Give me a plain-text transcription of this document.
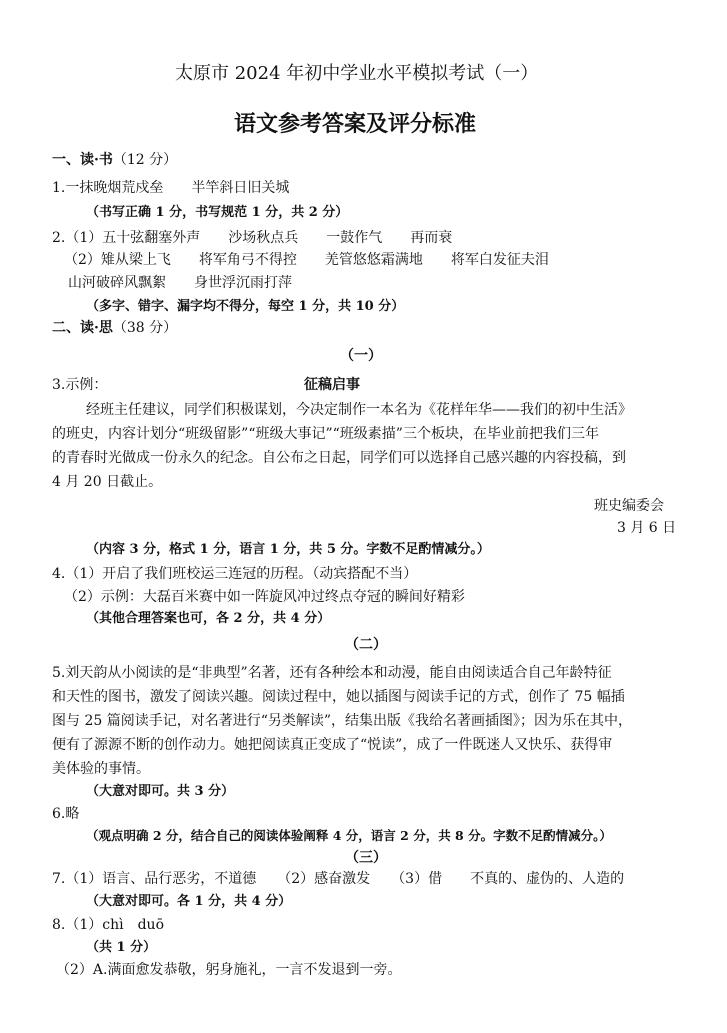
太原市 2024 年初中学业水平模拟考试（一）
语文参考答案及评分标准
一、读·书（12 分）
1.一抹晚烟荒戍垒　　半竿斜日旧关城
（书写正确 1 分，书写规范 1 分，共 2 分）
2.（1）五十弦翻塞外声　　沙场秋点兵　　一鼓作气　　再而衰
（2）雉从梁上飞　　将军角弓不得控　　羌管悠悠霜满地　　将军白发征夫泪
山河破碎风飘絮　　身世浮沉雨打萍
（多字、错字、漏字均不得分，每空 1 分，共 10 分）
二、读·思（38 分）
（一）
3.示例：	征稿启事
经班主任建议，同学们积极谋划，今决定制作一本名为《花样年华——我们的初中生活》
的班史，内容计划分“班级留影”“班级大事记”“班级素描”三个板块，在毕业前把我们三年
的青春时光做成一份永久的纪念。自公布之日起，同学们可以选择自己感兴趣的内容投稿，到
4 月 20 日截止。
班史编委会
3 月 6 日
（内容 3 分，格式 1 分，语言 1 分，共 5 分。字数不足酌情减分。）
4.（1）开启了我们班校运三连冠的历程。（动宾搭配不当）
（2）示例：大磊百米赛中如一阵旋风冲过终点夺冠的瞬间好精彩
（其他合理答案也可，各 2 分，共 4 分）
（二）
5.刘天韵从小阅读的是“非典型”名著，还有各种绘本和动漫，能自由阅读适合自己年龄特征
和天性的图书，激发了阅读兴趣。阅读过程中，她以插图与阅读手记的方式，创作了 75 幅插
图与 25 篇阅读手记，对名著进行“另类解读”，结集出版《我给名著画插图》；因为乐在其中，
便有了源源不断的创作动力。她把阅读真正变成了“悦读”，成了一件既迷人又快乐、获得审
美体验的事情。
（大意对即可。共 3 分）
6.略
（观点明确 2 分，结合自己的阅读体验阐释 4 分，语言 2 分，共 8 分。字数不足酌情减分。）
（三）
7.（1）语言、品行恶劣，不道德　　（2）感奋激发　　（3）借　　不真的、虚伪的、人造的
（大意对即可。各 1 分，共 4 分）
8.（1）chì　duō
（共 1 分）
（2）A.满面愈发恭敬，躬身施礼，一言不发退到一旁。
